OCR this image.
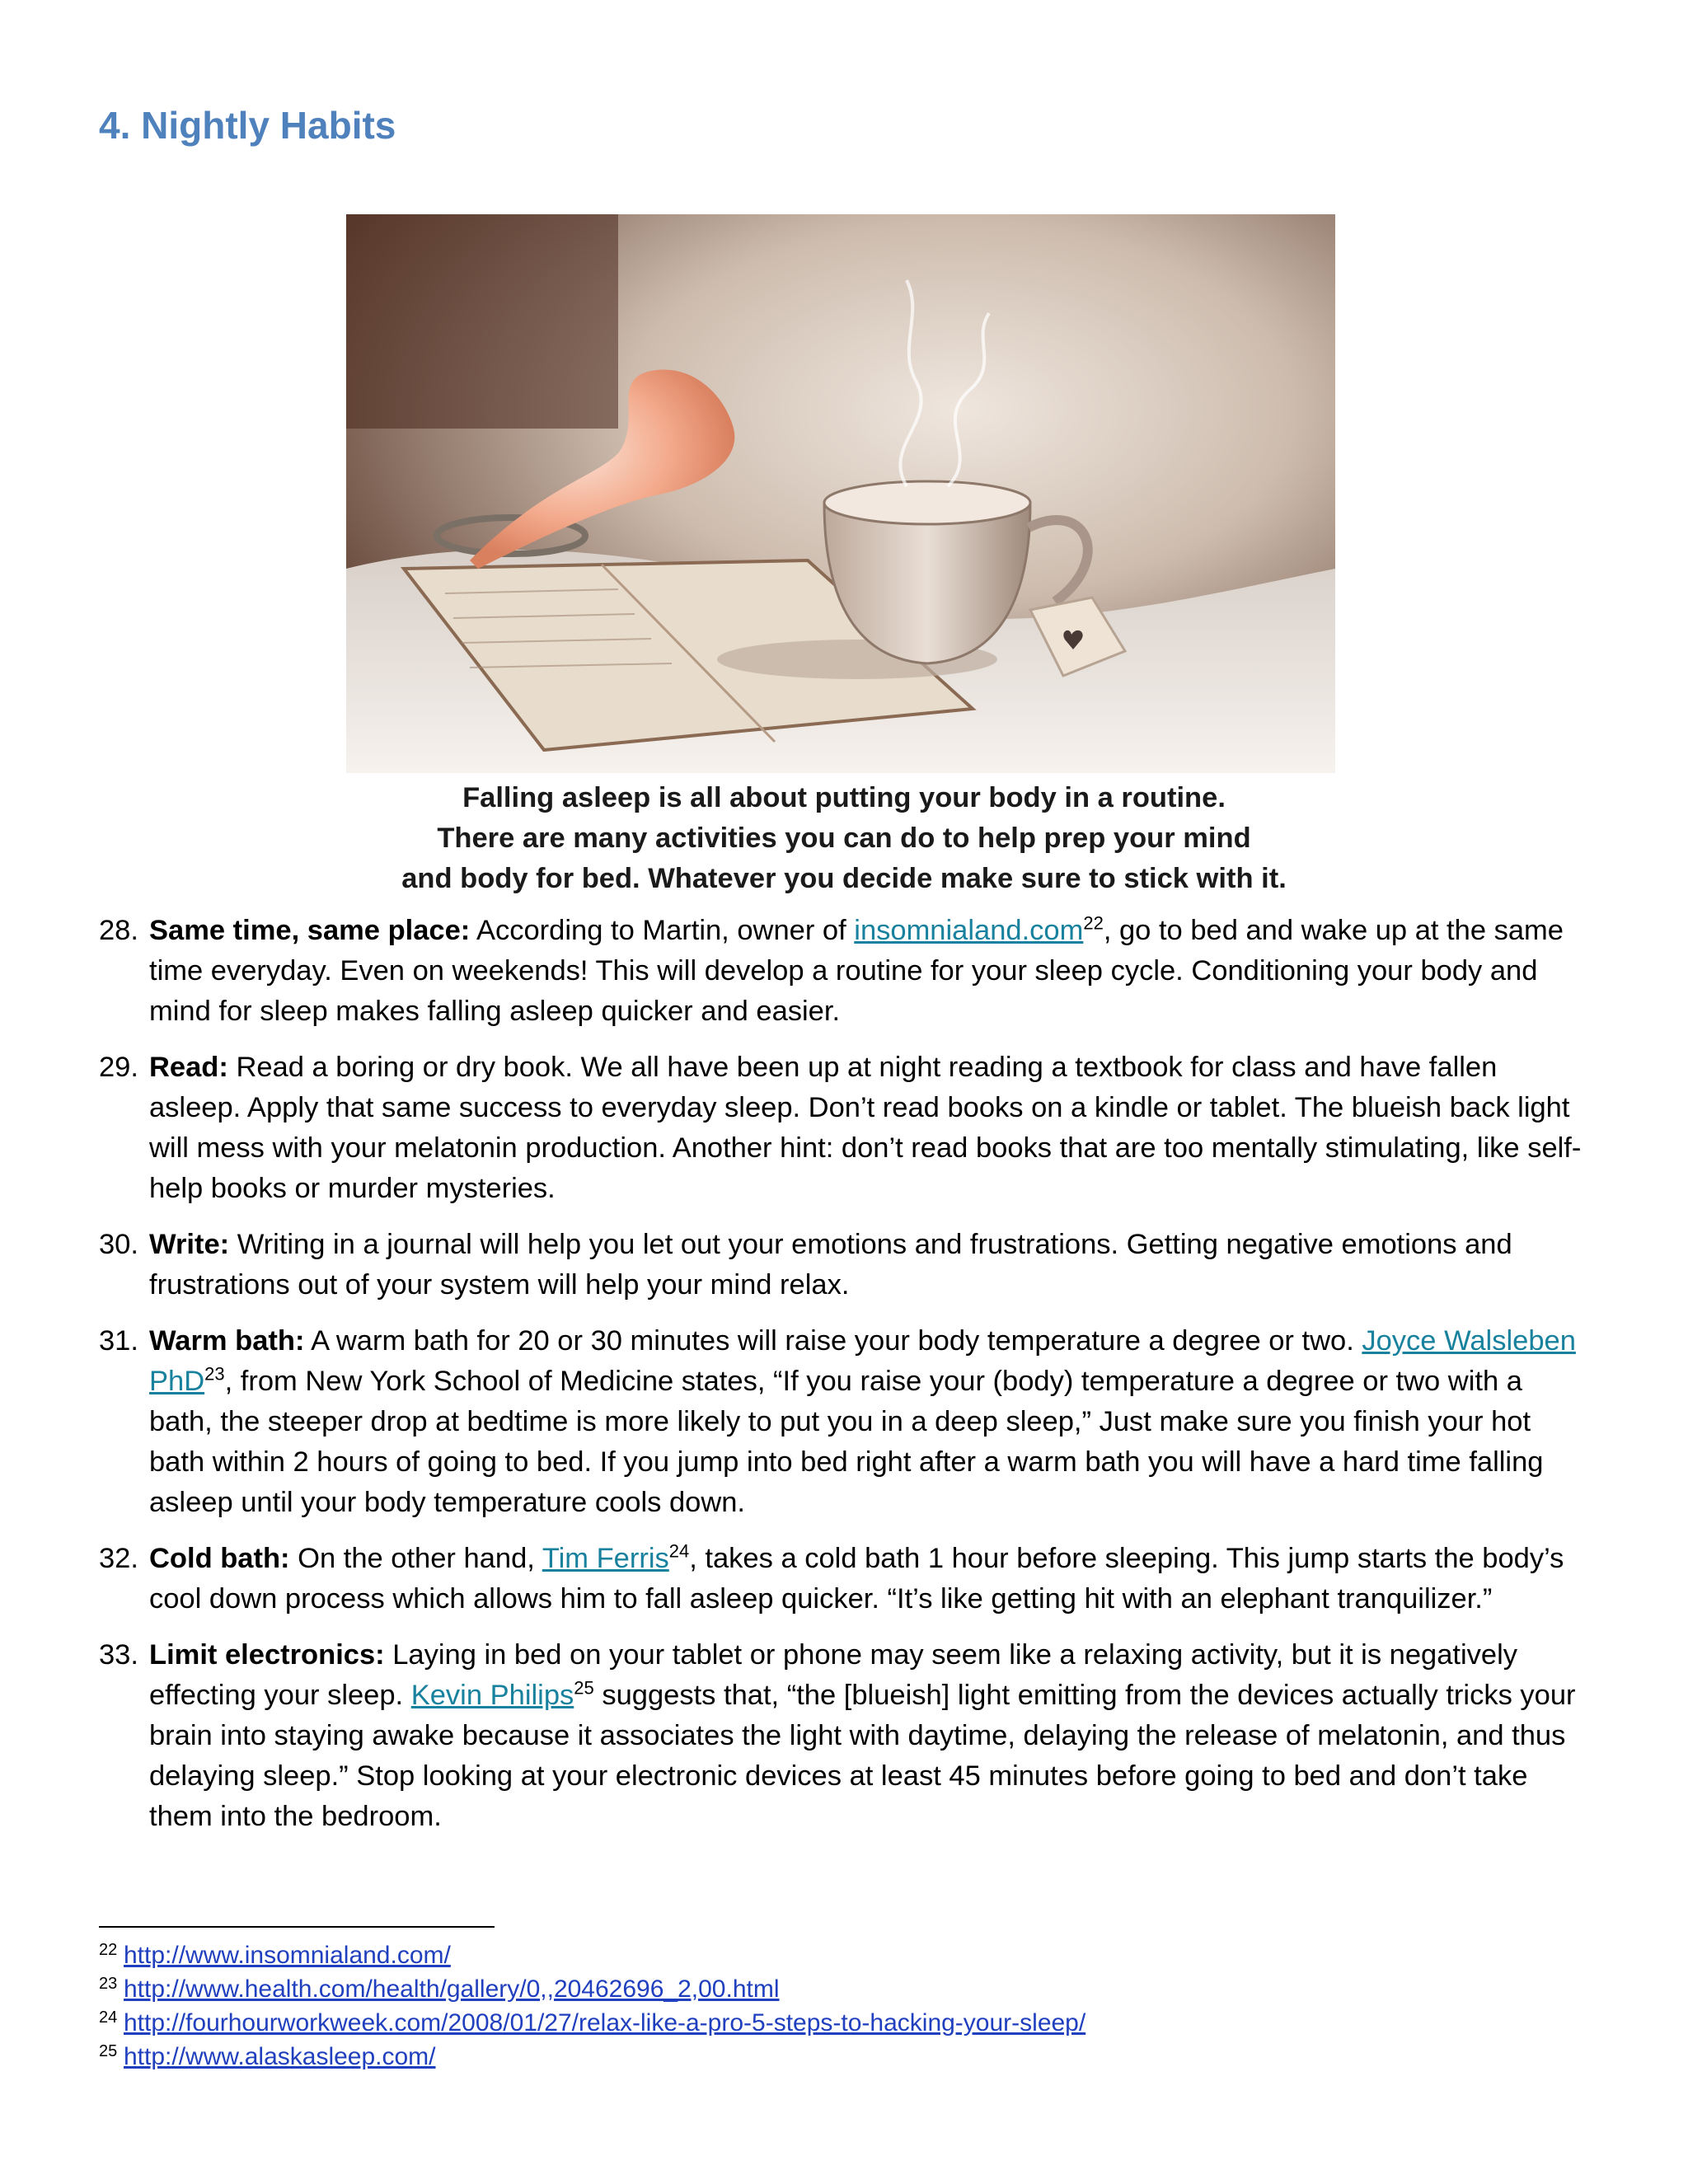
4. Nightly Habits
Falling asleep is all about putting your body in a routine.
There are many activities you can do to help prep your mind
and body for bed. Whatever you decide make sure to stick with it.
28. Same time, same place: According to Martin, owner of insomnialand.com$^{22}$, go to bed and wake up at the same time everyday. Even on weekends! This will develop a routine for your sleep cycle. Conditioning your body and mind for sleep makes falling asleep quicker and easier.
29. Read: Read a boring or dry book. We all have been up at night reading a textbook for class and have fallen asleep. Apply that same success to everyday sleep. Don’t read books on a kindle or tablet. The blueish back light will mess with your melatonin production. Another hint: don’t read books that are too mentally stimulating, like self-help books or murder mysteries.
30. Write: Writing in a journal will help you let out your emotions and frustrations. Getting negative emotions and frustrations out of your system will help your mind relax.
31. Warm bath: A warm bath for 20 or 30 minutes will raise your body temperature a degree or two. Joyce Walsleben PhD$^{23}$, from New York School of Medicine states, “If you raise your (body) temperature a degree or two with a bath, the steeper drop at bedtime is more likely to put you in a deep sleep,” Just make sure you finish your hot bath within 2 hours of going to bed. If you jump into bed right after a warm bath you will have a hard time falling asleep until your body temperature cools down.
32. Cold bath: On the other hand, Tim Ferris$^{24}$, takes a cold bath 1 hour before sleeping. This jump starts the body’s cool down process which allows him to fall asleep quicker. “It’s like getting hit with an elephant tranquilizer.”
33. Limit electronics: Laying in bed on your tablet or phone may seem like a relaxing activity, but it is negatively effecting your sleep. Kevin Philips$^{25}$ suggests that, “the [blueish] light emitting from the devices actually tricks your brain into staying awake because it associates the light with daytime, delaying the release of melatonin, and thus delaying sleep.” Stop looking at your electronic devices at least 45 minutes before going to bed and don’t take them into the bedroom.
22 http://www.insomnialand.com/
23 http://www.health.com/health/gallery/0,,20462696_2,00.html
24 http://fourhourworkweek.com/2008/01/27/relax-like-a-pro-5-steps-to-hacking-your-sleep/
25 http://www.alaskasleep.com/
